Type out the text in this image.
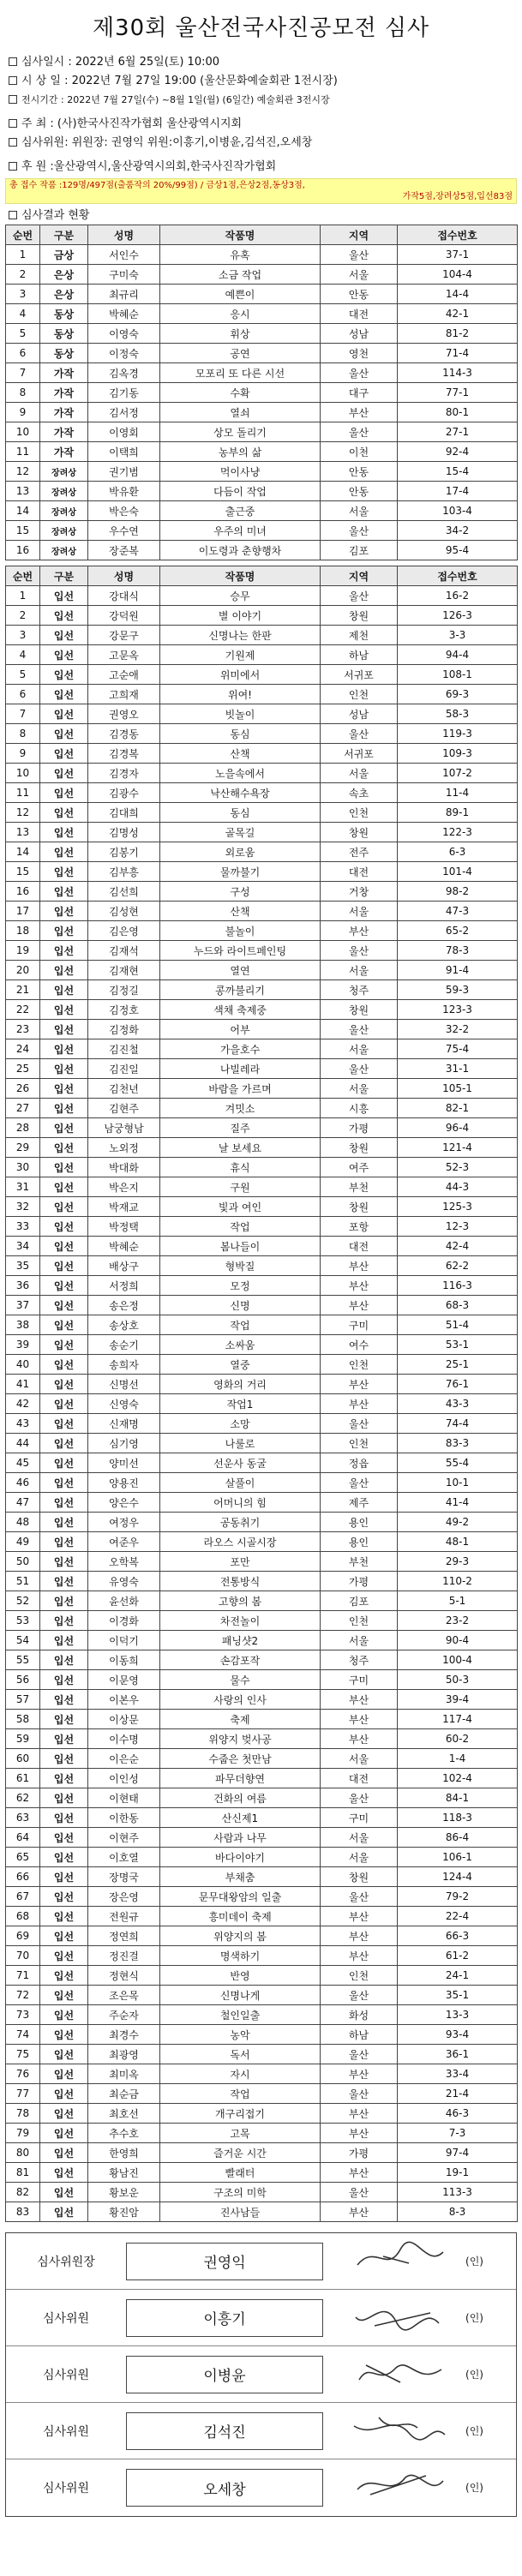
제30회 울산전국사진공모전 심사
심사일시 : 2022년 6월 25일(토) 10:00
시 상 일 : 2022년 7월 27일 19:00 (울산문화예술회관 1전시장)
전시기간 : 2022년 7월 27일(수) ~8월 1일(월) (6일간) 예술회관 3전시장
주 최 : (사)한국사진작가협회 울산광역시지회
심사위원: 위원장: 권영익 위원:이흥기,이병윤,김석진,오세창
후 원 :울산광역시,울산광역시의회,한국사진작가협회
총 접수 작품 :129명/497점(출품작의 20%/99점) / 금상1점,은상2점,동상3점,
가작5점,장려상5점,입선83점
심사결과 현황
순번	구분	성명	작품명	지역	접수번호
1	금상	서인수	유혹	울산	37-1
2	은상	구미숙	소금 작업	서울	104-4
3	은상	최규리	예쁜이	안동	14-4
4	동상	박혜순	응시	대전	42-1
5	동상	이영숙	휘상	성남	81-2
6	동상	이정숙	공연	영천	71-4
7	가작	김옥경	모포리 또 다른 시선	울산	114-3
8	가작	김기동	수확	대구	77-1
9	가작	김서정	열쇠	부산	80-1
10	가작	이영회	상모 돌리기	울산	27-1
11	가작	이택희	농부의 삶	이천	92-4
12	장려상	권기범	먹이사냥	안동	15-4
13	장려상	박유환	다듬이 작업	안동	17-4
14	장려상	박은숙	출근중	서울	103-4
15	장려상	우수연	우주의 미녀	울산	34-2
16	장려상	장준복	이도령과 춘향행차	김포	95-4
순번	구분	성명	작품명	지역	접수번호
1	입선	강대식	승무	울산	16-2
2	입선	강덕원	별 이야기	창원	126-3
3	입선	강문구	신명나는 한판	제천	3-3
4	입선	고문옥	기원제	하남	94-4
5	입선	고순애	위미에서	서귀포	108-1
6	입선	고희재	위여!	인천	69-3
7	입선	권영오	빗놀이	성남	58-3
8	입선	김경동	동심	울산	119-3
9	입선	김경복	산책	서귀포	109-3
10	입선	김경자	노을속에서	서울	107-2
11	입선	김광수	낙산해수욕장	속초	11-4
12	입선	김대희	동심	인천	89-1
13	입선	김명성	골목길	창원	122-3
14	입선	김봉기	외로움	전주	6-3
15	입선	김부흥	물까불기	대전	101-4
16	입선	김선희	구성	거창	98-2
17	입선	김성현	산책	서울	47-3
18	입선	김은영	불놀이	부산	65-2
19	입선	김재석	누드와 라이트페인팅	울산	78-3
20	입선	김재현	열연	서울	91-4
21	입선	김정길	콩까불리기	청주	59-3
22	입선	김정호	색채 축제중	창원	123-3
23	입선	김정화	어부	울산	32-2
24	입선	김진철	가을호수	서울	75-4
25	입선	김진일	나빌레라	울산	31-1
26	입선	김천년	바람을 가르며	서울	105-1
27	입선	김현주	겨밋소	시흥	82-1
28	입선	남궁형남	질주	가평	96-4
29	입선	노외정	날 보세요	창원	121-4
30	입선	박대화	휴식	여주	52-3
31	입선	박은지	구원	부천	44-3
32	입선	박재교	빛과 여인	창원	125-3
33	입선	박정택	작업	포항	12-3
34	입선	박혜순	봄나들이	대전	42-4
35	입선	배상구	형박질	부산	62-2
36	입선	서정희	모정	부산	116-3
37	입선	송은정	신명	부산	68-3
38	입선	송상호	작업	구미	51-4
39	입선	송순기	소싸움	여수	53-1
40	입선	송희자	열중	인천	25-1
41	입선	신명선	영화의 거리	부산	76-1
42	입선	신영숙	작업1	부산	43-3
43	입선	신재명	소망	울산	74-4
44	입선	심기영	나룰로	인천	83-3
45	입선	양미선	선운사 동굴	정읍	55-4
46	입선	양용진	살풀이	울산	10-1
47	입선	양은수	어머니의 힘	제주	41-4
48	입선	여정우	공동취기	용인	49-2
49	입선	여준우	라오스 시골시장	용인	48-1
50	입선	오학복	포만	부천	29-3
51	입선	유영숙	전통방식	가평	110-2
52	입선	윤선화	고향의 봄	김포	5-1
53	입선	이경화	차전놀이	인천	23-2
54	입선	이덕기	패닝샷2	서울	90-4
55	입선	이동희	손감포작	청주	100-4
56	입선	이문영	물수	구미	50-3
57	입선	이본우	사랑의 인사	부산	39-4
58	입선	이상문	축제	부산	117-4
59	입선	이수명	위양지 벚사공	부산	60-2
60	입선	이은순	수줍은 첫만남	서울	1-4
61	입선	이인성	파무더향연	대전	102-4
62	입선	이현태	건화의 여름	울산	84-1
63	입선	이한동	산신제1	구미	118-3
64	입선	이현주	사람과 나무	서울	86-4
65	입선	이호열	바다이야기	서울	106-1
66	입선	장명국	부채춤	창원	124-4
67	입선	장은영	문무대왕암의 일출	울산	79-2
68	입선	전원규	흥미데이 축제	부산	22-4
69	입선	정연희	위양지의 봄	부산	66-3
70	입선	정진걸	명색하기	부산	61-2
71	입선	정현식	반영	인천	24-1
72	입선	조은목	신명나게	울산	35-1
73	입선	주순자	철인일출	화성	13-3
74	입선	최경수	농악	하남	93-4
75	입선	최광영	독서	울산	36-1
76	입선	최미옥	자시	부산	33-4
77	입선	최순금	작업	울산	21-4
78	입선	최호선	개구리접기	부산	46-3
79	입선	추수호	고목	부산	7-3
80	입선	한영희	즐거운 시간	가평	97-4
81	입선	황남진	빨래터	부산	19-1
82	입선	황보운	구조의 미학	울산	113-3
83	입선	황진암	진사남들	부산	8-3
심사위원장	권영익	(인)
심사위원	이흥기	(인)
심사위원	이병윤	(인)
심사위원	김석진	(인)
심사위원	오세창	(인)
